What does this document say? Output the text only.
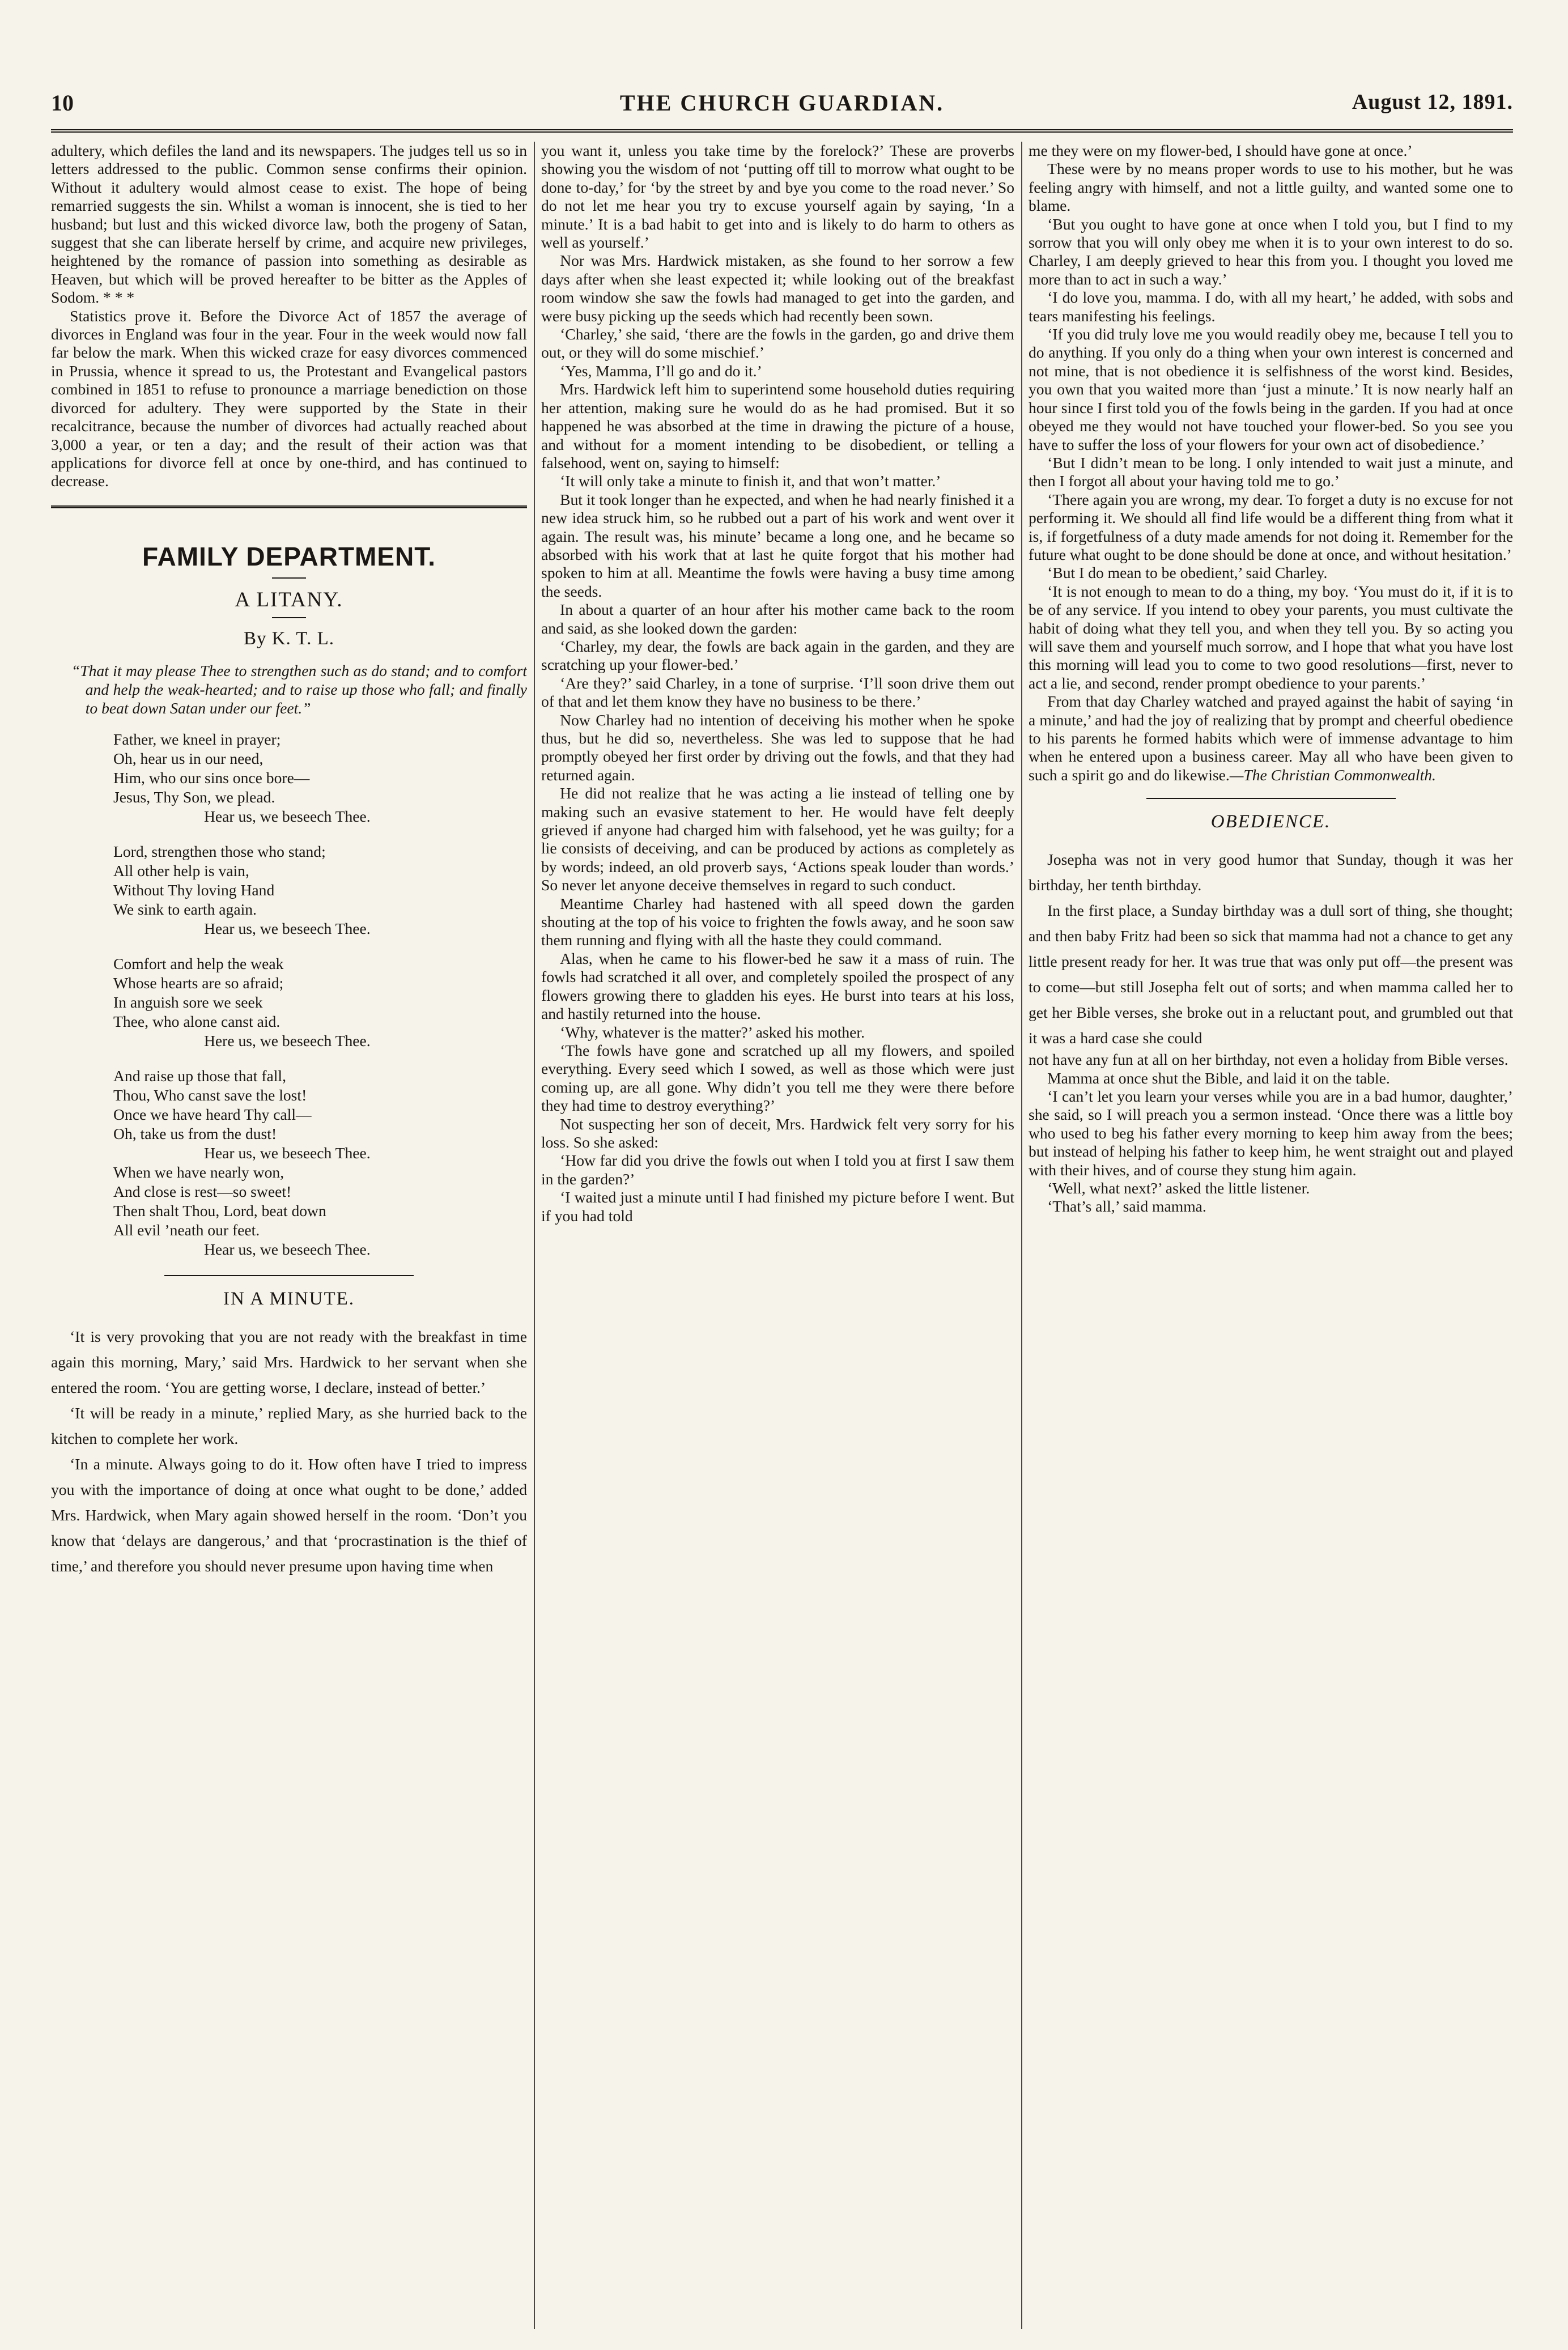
10	THE CHURCH GUARDIAN.	August 12, 1891.

adultery, which defiles the land and its newspapers. The judges tell us so in letters addressed to the public. Common sense confirms their opinion. Without it adultery would almost cease to exist. The hope of being remarried suggests the sin. Whilst a woman is innocent, she is tied to her husband; but lust and this wicked divorce law, both the progeny of Satan, suggest that she can liberate herself by crime, and acquire new privileges, heightened by the romance of passion into something as desirable as Heaven, but which will be proved hereafter to be bitter as the Apples of Sodom. * * *

Statistics prove it. Before the Divorce Act of 1857 the average of divorces in England was four in the year. Four in the week would now fall far below the mark. When this wicked craze for easy divorces commenced in Prussia, whence it spread to us, the Protestant and Evangelical pastors combined in 1851 to refuse to pronounce a marriage benediction on those divorced for adultery. They were supported by the State in their recalcitrance, because the number of divorces had actually reached about 3,000 a year, or ten a day; and the result of their action was that applications for divorce fell at once by one-third, and has continued to decrease.

FAMILY DEPARTMENT.
A LITANY.
By K. T. L.

“That it may please Thee to strengthen such as do stand; and to comfort and help the weak-hearted; and to raise up those who fall; and finally to beat down Satan under our feet.”

Father, we kneel in prayer;
Oh, hear us in our need,
Him, who our sins once bore—
Jesus, Thy Son, we plead.
Hear us, we beseech Thee.
Lord, strengthen those who stand;
All other help is vain,
Without Thy loving Hand
We sink to earth again.
Hear us, we beseech Thee.
Comfort and help the weak
Whose hearts are so afraid;
In anguish sore we seek
Thee, who alone canst aid.
Here us, we beseech Thee.
And raise up those that fall,
Thou, Who canst save the lost!
Once we have heard Thy call—
Oh, take us from the dust!
Hear us, we beseech Thee.
When we have nearly won,
And close is rest—so sweet!
Then shalt Thou, Lord, beat down
All evil ’neath our feet.
Hear us, we beseech Thee.
IN A MINUTE.

‘It is very provoking that you are not ready with the breakfast in time again this morning, Mary,’ said Mrs. Hardwick to her servant when she entered the room. ‘You are getting worse, I declare, instead of better.’

‘It will be ready in a minute,’ replied Mary, as she hurried back to the kitchen to complete her work.

‘In a minute. Always going to do it. How often have I tried to impress you with the importance of doing at once what ought to be done,’ added Mrs. Hardwick, when Mary again showed herself in the room. ‘Don’t you know that ‘delays are dangerous,’ and that ‘procrastination is the thief of time,’ and therefore you should never presume upon having time when

you want it, unless you take time by the forelock?’ These are proverbs showing you the wisdom of not ‘putting off till to morrow what ought to be done to-day,’ for ‘by the street by and bye you come to the road never.’ So do not let me hear you try to excuse yourself again by saying, ‘In a minute.’ It is a bad habit to get into and is likely to do harm to others as well as yourself.’

Nor was Mrs. Hardwick mistaken, as she found to her sorrow a few days after when she least expected it; while looking out of the breakfast room window she saw the fowls had managed to get into the garden, and were busy picking up the seeds which had recently been sown.

‘Charley,’ she said, ‘there are the fowls in the garden, go and drive them out, or they will do some mischief.’

‘Yes, Mamma, I’ll go and do it.’

Mrs. Hardwick left him to superintend some household duties requiring her attention, making sure he would do as he had promised. But it so happened he was absorbed at the time in drawing the picture of a house, and without for a moment intending to be disobedient, or telling a falsehood, went on, saying to himself:

‘It will only take a minute to finish it, and that won’t matter.’

But it took longer than he expected, and when he had nearly finished it a new idea struck him, so he rubbed out a part of his work and went over it again. The result was, his minute’ became a long one, and he became so absorbed with his work that at last he quite forgot that his mother had spoken to him at all. Meantime the fowls were having a busy time among the seeds.

In about a quarter of an hour after his mother came back to the room and said, as she looked down the garden:

‘Charley, my dear, the fowls are back again in the garden, and they are scratching up your flower-bed.’

‘Are they?’ said Charley, in a tone of surprise. ‘I’ll soon drive them out of that and let them know they have no business to be there.’

Now Charley had no intention of deceiving his mother when he spoke thus, but he did so, nevertheless. She was led to suppose that he had promptly obeyed her first order by driving out the fowls, and that they had returned again.

He did not realize that he was acting a lie instead of telling one by making such an evasive statement to her. He would have felt deeply grieved if anyone had charged him with falsehood, yet he was guilty; for a lie consists of deceiving, and can be produced by actions as completely as by words; indeed, an old proverb says, ‘Actions speak louder than words.’ So never let anyone deceive themselves in regard to such conduct.

Meantime Charley had hastened with all speed down the garden shouting at the top of his voice to frighten the fowls away, and he soon saw them running and flying with all the haste they could command.

Alas, when he came to his flower-bed he saw it a mass of ruin. The fowls had scratched it all over, and completely spoiled the prospect of any flowers growing there to gladden his eyes. He burst into tears at his loss, and hastily returned into the house.

‘Why, whatever is the matter?’ asked his mother.

‘The fowls have gone and scratched up all my flowers, and spoiled everything. Every seed which I sowed, as well as those which were just coming up, are all gone. Why didn’t you tell me they were there before they had time to destroy everything?’

Not suspecting her son of deceit, Mrs. Hardwick felt very sorry for his loss. So she asked:

‘How far did you drive the fowls out when I told you at first I saw them in the garden?’

‘I waited just a minute until I had finished my picture before I went. But if you had told

me they were on my flower-bed, I should have gone at once.’

These were by no means proper words to use to his mother, but he was feeling angry with himself, and not a little guilty, and wanted some one to blame.

‘But you ought to have gone at once when I told you, but I find to my sorrow that you will only obey me when it is to your own interest to do so. Charley, I am deeply grieved to hear this from you. I thought you loved me more than to act in such a way.’

‘I do love you, mamma. I do, with all my heart,’ he added, with sobs and tears manifesting his feelings.

‘If you did truly love me you would readily obey me, because I tell you to do anything. If you only do a thing when your own interest is concerned and not mine, that is not obedience it is selfishness of the worst kind. Besides, you own that you waited more than ‘just a minute.’ It is now nearly half an hour since I first told you of the fowls being in the garden. If you had at once obeyed me they would not have touched your flower-bed. So you see you have to suffer the loss of your flowers for your own act of disobedience.’

‘But I didn’t mean to be long. I only intended to wait just a minute, and then I forgot all about your having told me to go.’

‘There again you are wrong, my dear. To forget a duty is no excuse for not performing it. We should all find life would be a different thing from what it is, if forgetfulness of a duty made amends for not doing it. Remember for the future what ought to be done should be done at once, and without hesitation.’

‘But I do mean to be obedient,’ said Charley.

‘It is not enough to mean to do a thing, my boy. ‘You must do it, if it is to be of any service. If you intend to obey your parents, you must cultivate the habit of doing what they tell you, and when they tell you. By so acting you will save them and yourself much sorrow, and I hope that what you have lost this morning will lead you to come to two good resolutions—first, never to act a lie, and second, render prompt obedience to your parents.’

From that day Charley watched and prayed against the habit of saying ‘in a minute,’ and had the joy of realizing that by prompt and cheerful obedience to his parents he formed habits which were of immense advantage to him when he entered upon a business career. May all who have been given to such a spirit go and do likewise.—The Christian Commonwealth.

OBEDIENCE.

Josepha was not in very good humor that Sunday, though it was her birthday, her tenth birthday.

In the first place, a Sunday birthday was a dull sort of thing, she thought; and then baby Fritz had been so sick that mamma had not a chance to get any little present ready for her. It was true that was only put off—the present was to come—but still Josepha felt out of sorts; and when mamma called her to get her Bible verses, she broke out in a reluctant pout, and grumbled out that it was a hard case she could

not have any fun at all on her birthday, not even a holiday from Bible verses.

Mamma at once shut the Bible, and laid it on the table.

‘I can’t let you learn your verses while you are in a bad humor, daughter,’ she said, so I will preach you a sermon instead. ‘Once there was a little boy who used to beg his father every morning to keep him away from the bees; but instead of helping his father to keep him, he went straight out and played with their hives, and of course they stung him again.

‘Well, what next?’ asked the little listener.

‘That’s all,’ said mamma.
